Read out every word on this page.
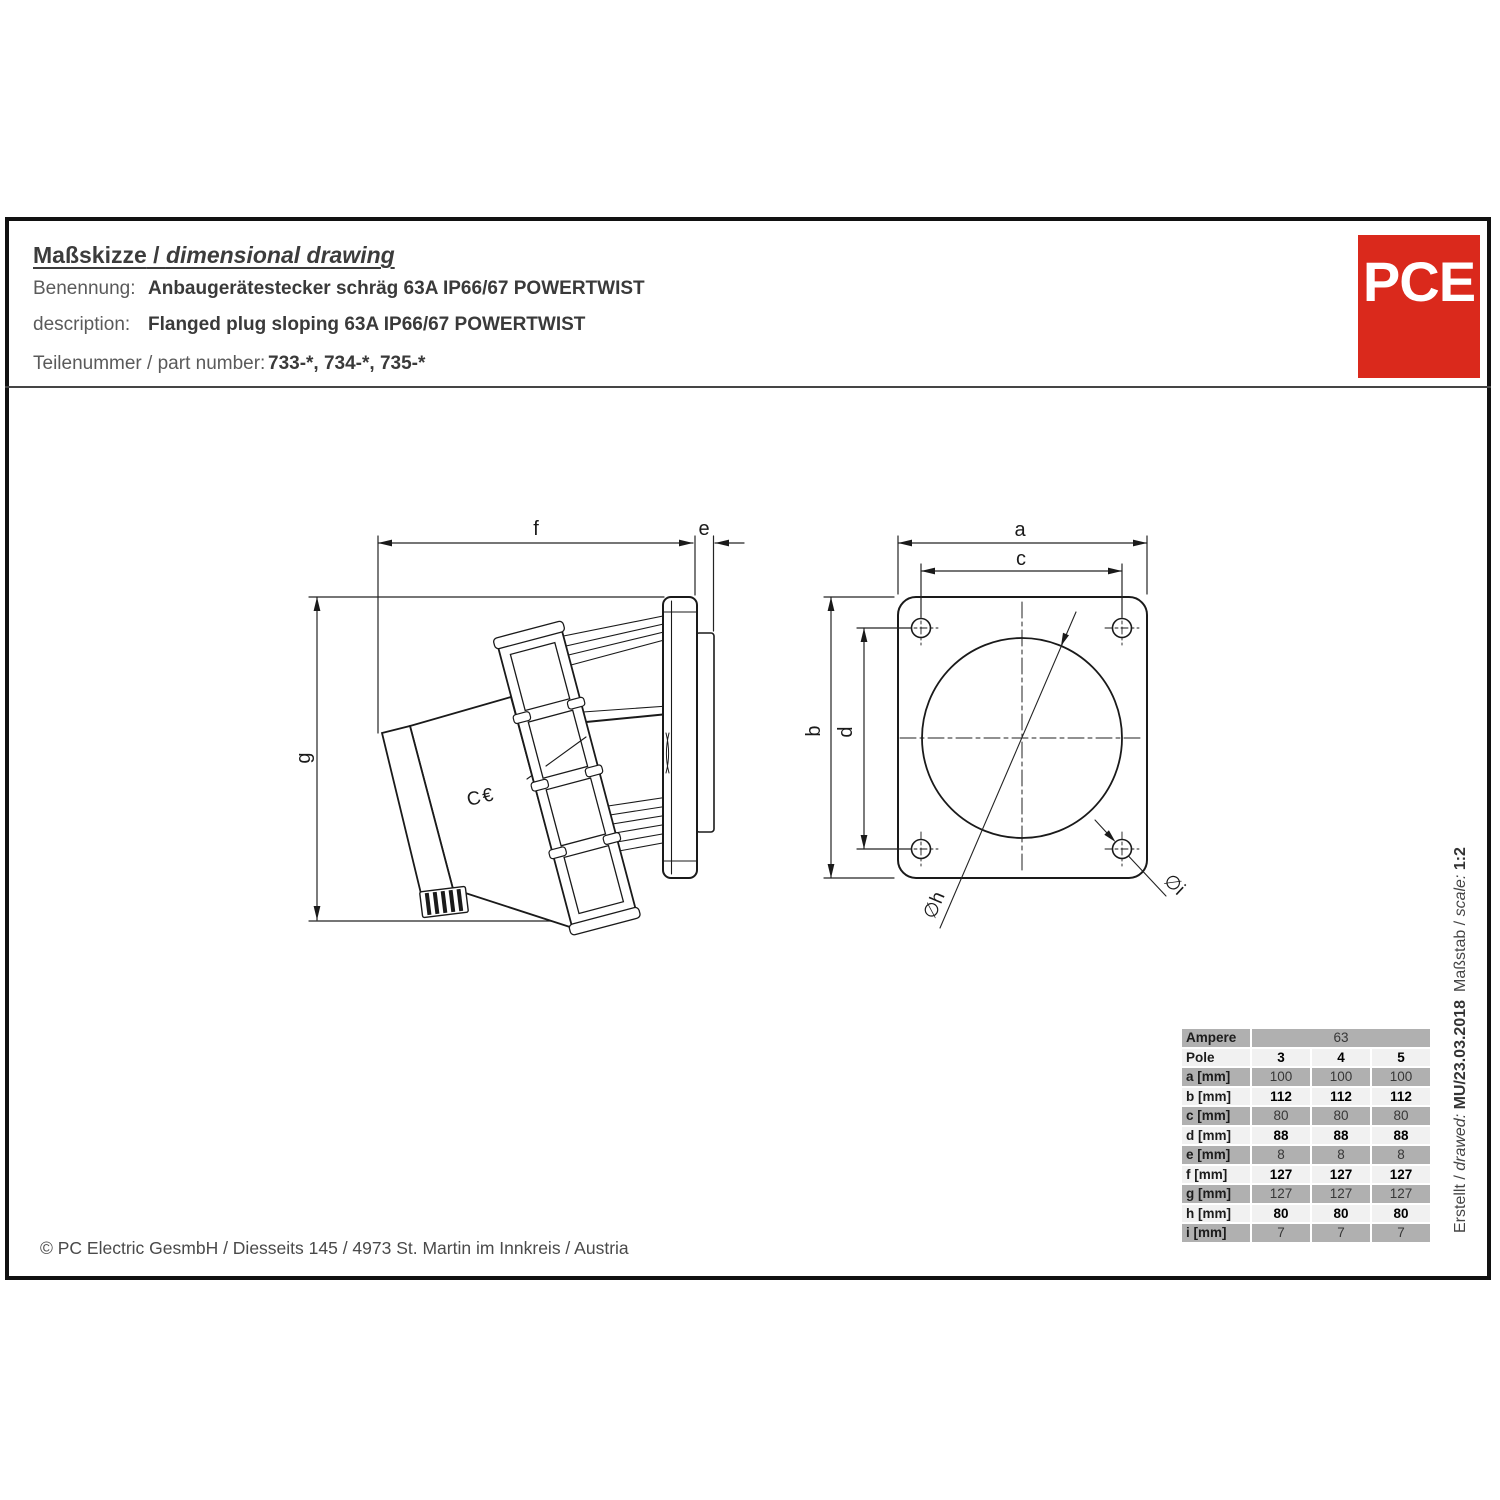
Maßskizze / dimensional drawing
Benennung: Anbaugerätestecker schräg 63A IP66/67 POWERTWIST
description: Flanged plug sloping 63A IP66/67 POWERTWIST
Teilenummer / part number: 733-*, 734-*, 735-*
PCE
f	e
g
C€
a
c
b d
∅h
∅i
Ampere	63		
Pole	3	4	5
a [mm]	100	100	100
b [mm]	112	112	112
c [mm]	80	80	80
d [mm]	88	88	88
e [mm]	8	8	8
f [mm]	127	127	127
g [mm]	127	127	127
h [mm]	80	80	80
i [mm]	7	7	7
Maßstab / scale: 1:2
Erstellt / drawed: MU/23.03.2018
© PC Electric GesmbH / Diesseits 145 / 4973 St. Martin im Innkreis / Austria
